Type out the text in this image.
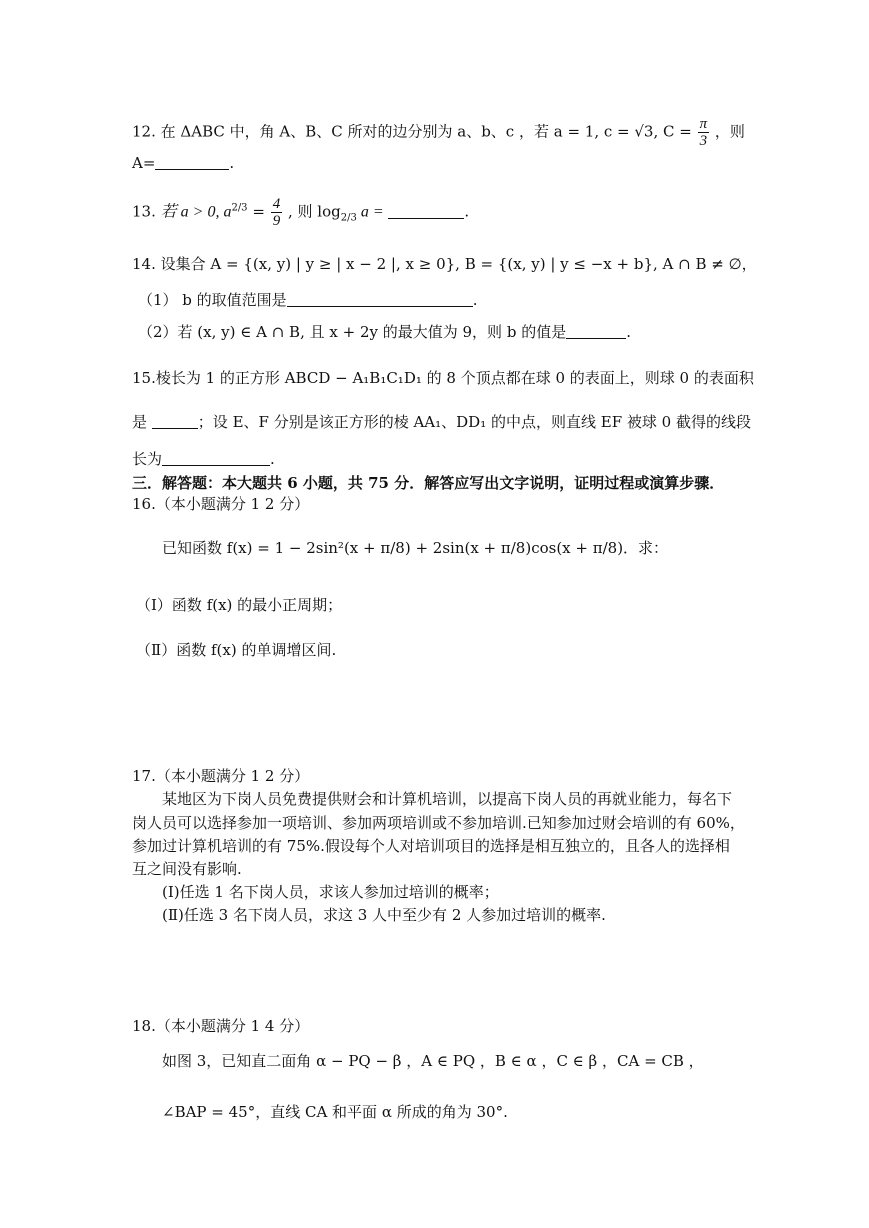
12. 在 ΔABC 中，角 A、B、C 所对的边分别为 a、b、c ，若 a = 1, c = √3, $C = \frac{\pi}{3}$ ，则
A=	.
13. 若 a > 0, $a^{2/3} = \frac{4}{9}$ , 则 $\log_{2/3} a$ =	.
14. 设集合 A = {(x, y) | y ≥ | x − 2 |, x ≥ 0}, B = {(x, y) | y ≤ −x + b}, A ∩ B ≠ ∅，
（1） b 的取值范围是	.
（2）若 (x, y) ∈ A ∩ B, 且 x + 2y 的最大值为 9，则 b 的值是	.
15.棱长为 1 的正方形 ABCD − A₁B₁C₁D₁ 的 8 个顶点都在球 0 的表面上，则球 0 的表面积
是	；设 E、F 分别是该正方形的棱 AA₁、DD₁ 的中点，则直线 EF 被球 0 截得的线段
长为	.
三．解答题：本大题共 6 小题，共 75 分．解答应写出文字说明，证明过程或演算步骤．
16.（本小题满分 1 2 分）
已知函数 f(x) = 1 − 2sin²(x + π/8) + 2sin(x + π/8)cos(x + π/8)．求：
（Ⅰ）函数 f(x) 的最小正周期；
（Ⅱ）函数 f(x) 的单调增区间.
17.（本小题满分 1 2 分）
某地区为下岗人员免费提供财会和计算机培训，以提高下岗人员的再就业能力，每名下
岗人员可以选择参加一项培训、参加两项培训或不参加培训.已知参加过财会培训的有 60%，
参加过计算机培训的有 75%.假设每个人对培训项目的选择是相互独立的，且各人的选择相
互之间没有影响.
(Ⅰ)任选 1 名下岗人员，求该人参加过培训的概率；
(Ⅱ)任选 3 名下岗人员，求这 3 人中至少有 2 人参加过培训的概率.
18.（本小题满分 1 4 分）
如图 3，已知直二面角 α − PQ − β ，A ∈ PQ ，B ∈ α ，C ∈ β ，CA = CB ，
∠BAP = 45°，直线 CA 和平面 α 所成的角为 30°.
